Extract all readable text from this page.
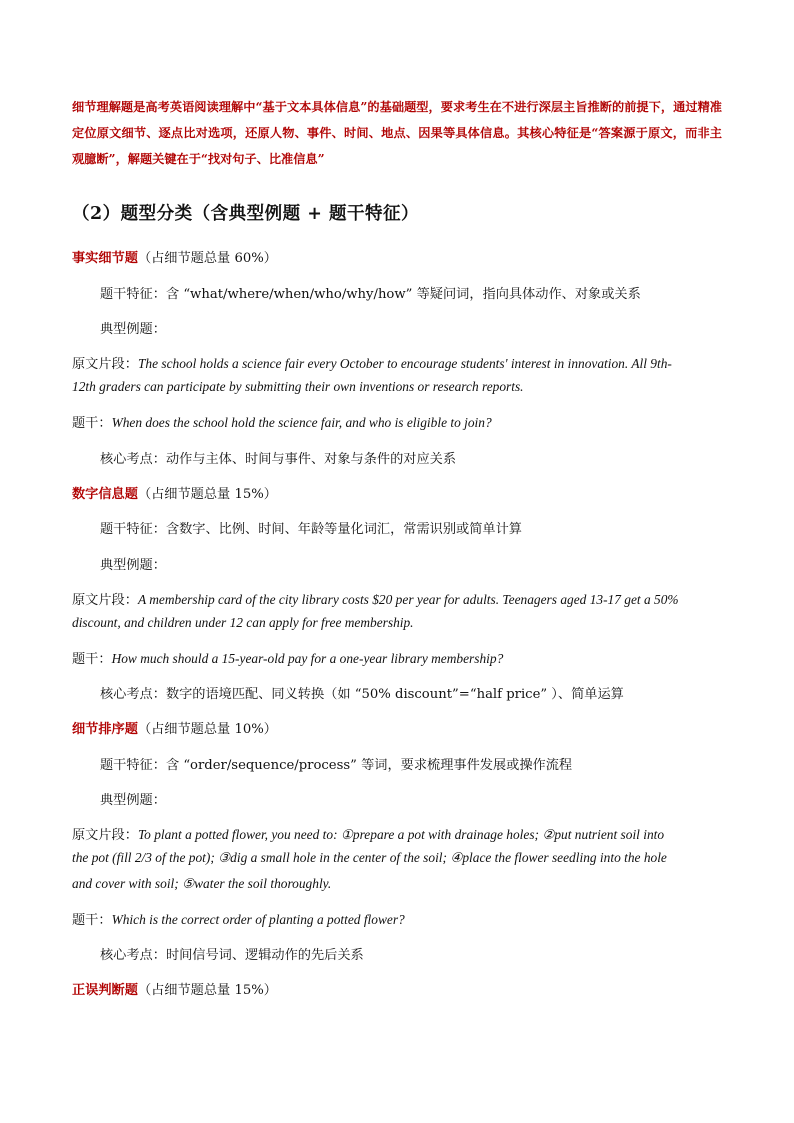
细节理解题是高考英语阅读理解中“基于文本具体信息”的基础题型，要求考生在不进行深层主旨推断的前提下，通过精准定位原文细节、逐点比对选项，还原人物、事件、时间、地点、因果等具体信息。其核心特征是“答案源于原文，而非主观臆断”，解题关键在于“找对句子、比准信息”
（2）题型分类（含典型例题 + 题干特征）
事实细节题（占细节题总量 60%）
题干特征：含 “what/where/when/who/why/how” 等疑问词，指向具体动作、对象或关系
典型例题：
原文片段：The school holds a science fair every October to encourage students' interest in innovation. All 9th-
12th graders can participate by submitting their own inventions or research reports.
题干：When does the school hold the science fair, and who is eligible to join?
核心考点：动作与主体、时间与事件、对象与条件的对应关系
数字信息题（占细节题总量 15%）
题干特征：含数字、比例、时间、年龄等量化词汇，常需识别或简单计算
典型例题：
原文片段：A membership card of the city library costs $20 per year for adults. Teenagers aged 13-17 get a 50%
discount, and children under 12 can apply for free membership.
题干：How much should a 15-year-old pay for a one-year library membership?
核心考点：数字的语境匹配、同义转换（如 “50% discount”=“half price” ）、简单运算
细节排序题（占细节题总量 10%）
题干特征：含 “order/sequence/process” 等词，要求梳理事件发展或操作流程
典型例题：
原文片段：To plant a potted flower, you need to: ①prepare a pot with drainage holes; ②put nutrient soil into
the pot (fill 2/3 of the pot); ③dig a small hole in the center of the soil; ④place the flower seedling into the hole
and cover with soil; ⑤water the soil thoroughly.
题干：Which is the correct order of planting a potted flower?
核心考点：时间信号词、逻辑动作的先后关系
正误判断题（占细节题总量 15%）
